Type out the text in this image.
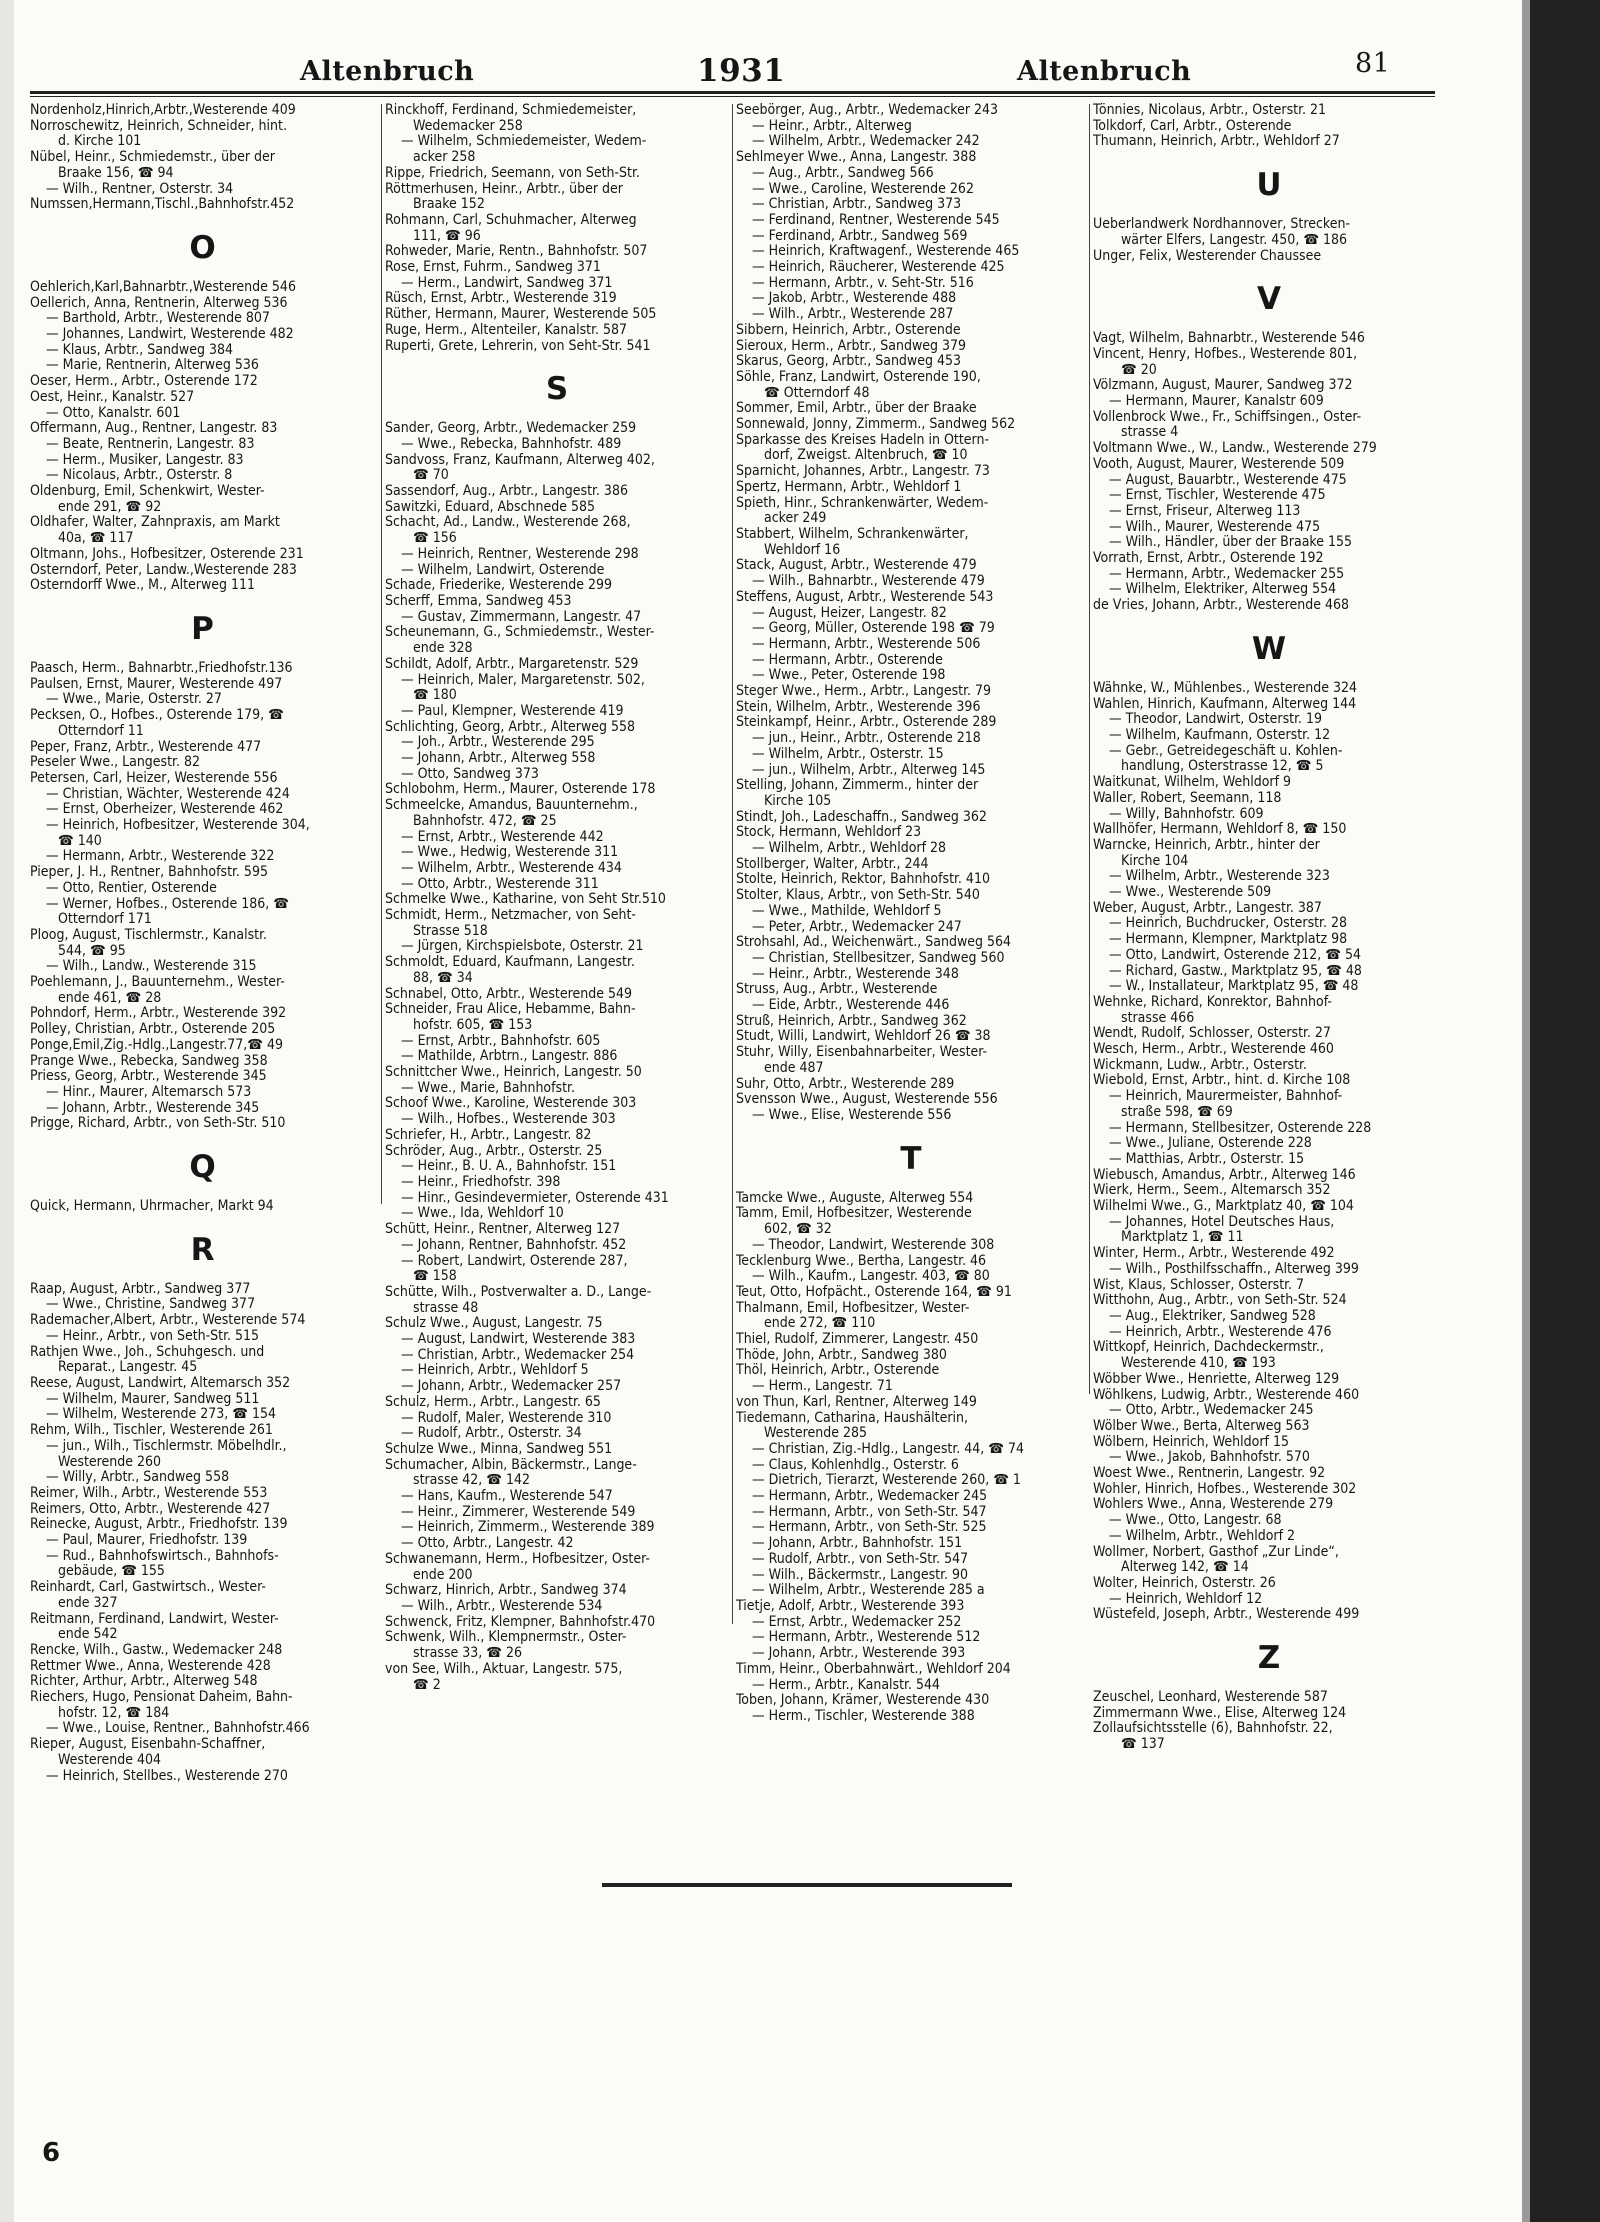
Altenbruch	1931	Altenbruch	81
Nordenholz,Hinrich,Arbtr.,Westerende 409
Norroschewitz, Heinrich, Schneider, hint.
d. Kirche 101
Nübel, Heinr., Schmiedemstr., über der
Braake 156, ☎ 94
— Wilh., Rentner, Osterstr. 34
Numssen,Hermann,Tischl.,Bahnhofstr.452
O
Oehlerich,Karl,Bahnarbtr.,Westerende 546
Oellerich, Anna, Rentnerin, Alterweg 536
— Barthold, Arbtr., Westerende 807
— Johannes, Landwirt, Westerende 482
— Klaus, Arbtr., Sandweg 384
— Marie, Rentnerin, Alterweg 536
Oeser, Herm., Arbtr., Osterende 172
Oest, Heinr., Kanalstr. 527
— Otto, Kanalstr. 601
Offermann, Aug., Rentner, Langestr. 83
— Beate, Rentnerin, Langestr. 83
— Herm., Musiker, Langestr. 83
— Nicolaus, Arbtr., Osterstr. 8
Oldenburg, Emil, Schenkwirt, Wester-
ende 291, ☎ 92
Oldhafer, Walter, Zahnpraxis, am Markt
40a, ☎ 117
Oltmann, Johs., Hofbesitzer, Osterende 231
Osterndorf, Peter, Landw.,Westerende 283
Osterndorff Wwe., M., Alterweg 111
P
Paasch, Herm., Bahnarbtr.,Friedhofstr.136
Paulsen, Ernst, Maurer, Westerende 497
— Wwe., Marie, Osterstr. 27
Pecksen, O., Hofbes., Osterende 179, ☎
Otterndorf 11
Peper, Franz, Arbtr., Westerende 477
Peseler Wwe., Langestr. 82
Petersen, Carl, Heizer, Westerende 556
— Christian, Wächter, Westerende 424
— Ernst, Oberheizer, Westerende 462
— Heinrich, Hofbesitzer, Westerende 304,
☎ 140
— Hermann, Arbtr., Westerende 322
Pieper, J. H., Rentner, Bahnhofstr. 595
— Otto, Rentier, Osterende
— Werner, Hofbes., Osterende 186, ☎
Otterndorf 171
Ploog, August, Tischlermstr., Kanalstr.
544, ☎ 95
— Wilh., Landw., Westerende 315
Poehlemann, J., Bauunternehm., Wester-
ende 461, ☎ 28
Pohndorf, Herm., Arbtr., Westerende 392
Polley, Christian, Arbtr., Osterende 205
Ponge,Emil,Zig.-Hdlg.,Langestr.77,☎ 49
Prange Wwe., Rebecka, Sandweg 358
Priess, Georg, Arbtr., Westerende 345
— Hinr., Maurer, Altemarsch 573
— Johann, Arbtr., Westerende 345
Prigge, Richard, Arbtr., von Seth-Str. 510
Q
Quick, Hermann, Uhrmacher, Markt 94
R
Raap, August, Arbtr., Sandweg 377
— Wwe., Christine, Sandweg 377
Rademacher,Albert, Arbtr., Westerende 574
— Heinr., Arbtr., von Seth-Str. 515
Rathjen Wwe., Joh., Schuhgesch. und
Reparat., Langestr. 45
Reese, August, Landwirt, Altemarsch 352
— Wilhelm, Maurer, Sandweg 511
— Wilhelm, Westerende 273, ☎ 154
Rehm, Wilh., Tischler, Westerende 261
— jun., Wilh., Tischlermstr. Möbelhdlr.,
Westerende 260
— Willy, Arbtr., Sandweg 558
Reimer, Wilh., Arbtr., Westerende 553
Reimers, Otto, Arbtr., Westerende 427
Reinecke, August, Arbtr., Friedhofstr. 139
— Paul, Maurer, Friedhofstr. 139
— Rud., Bahnhofswirtsch., Bahnhofs-
gebäude, ☎ 155
Reinhardt, Carl, Gastwirtsch., Wester-
ende 327
Reitmann, Ferdinand, Landwirt, Wester-
ende 542
Rencke, Wilh., Gastw., Wedemacker 248
Rettmer Wwe., Anna, Westerende 428
Richter, Arthur, Arbtr., Alterweg 548
Riechers, Hugo, Pensionat Daheim, Bahn-
hofstr. 12, ☎ 184
— Wwe., Louise, Rentner., Bahnhofstr.466
Rieper, August, Eisenbahn-Schaffner,
Westerende 404
— Heinrich, Stellbes., Westerende 270
Rinckhoff, Ferdinand, Schmiedemeister,
Wedemacker 258
— Wilhelm, Schmiedemeister, Wedem-
acker 258
Rippe, Friedrich, Seemann, von Seth-Str.
Röttmerhusen, Heinr., Arbtr., über der
Braake 152
Rohmann, Carl, Schuhmacher, Alterweg
111, ☎ 96
Rohweder, Marie, Rentn., Bahnhofstr. 507
Rose, Ernst, Fuhrm., Sandweg 371
— Herm., Landwirt, Sandweg 371
Rüsch, Ernst, Arbtr., Westerende 319
Rüther, Hermann, Maurer, Westerende 505
Ruge, Herm., Altenteiler, Kanalstr. 587
Ruperti, Grete, Lehrerin, von Seht-Str. 541
S
Sander, Georg, Arbtr., Wedemacker 259
— Wwe., Rebecka, Bahnhofstr. 489
Sandvoss, Franz, Kaufmann, Alterweg 402,
☎ 70
Sassendorf, Aug., Arbtr., Langestr. 386
Sawitzki, Eduard, Abschnede 585
Schacht, Ad., Landw., Westerende 268,
☎ 156
— Heinrich, Rentner, Westerende 298
— Wilhelm, Landwirt, Osterende
Schade, Friederike, Westerende 299
Scherff, Emma, Sandweg 453
— Gustav, Zimmermann, Langestr. 47
Scheunemann, G., Schmiedemstr., Wester-
ende 328
Schildt, Adolf, Arbtr., Margaretenstr. 529
— Heinrich, Maler, Margaretenstr. 502,
☎ 180
— Paul, Klempner, Westerende 419
Schlichting, Georg, Arbtr., Alterweg 558
— Joh., Arbtr., Westerende 295
— Johann, Arbtr., Alterweg 558
— Otto, Sandweg 373
Schlobohm, Herm., Maurer, Osterende 178
Schmeelcke, Amandus, Bauunternehm.,
Bahnhofstr. 472, ☎ 25
— Ernst, Arbtr., Westerende 442
— Wwe., Hedwig, Westerende 311
— Wilhelm, Arbtr., Westerende 434
— Otto, Arbtr., Westerende 311
Schmelke Wwe., Katharine, von Seht Str.510
Schmidt, Herm., Netzmacher, von Seht-
Strasse 518
— Jürgen, Kirchspielsbote, Osterstr. 21
Schmoldt, Eduard, Kaufmann, Langestr.
88, ☎ 34
Schnabel, Otto, Arbtr., Westerende 549
Schneider, Frau Alice, Hebamme, Bahn-
hofstr. 605, ☎ 153
— Ernst, Arbtr., Bahnhofstr. 605
— Mathilde, Arbtrn., Langestr. 886
Schnittcher Wwe., Heinrich, Langestr. 50
— Wwe., Marie, Bahnhofstr.
Schoof Wwe., Karoline, Westerende 303
— Wilh., Hofbes., Westerende 303
Schriefer, H., Arbtr., Langestr. 82
Schröder, Aug., Arbtr., Osterstr. 25
— Heinr., B. U. A., Bahnhofstr. 151
— Heinr., Friedhofstr. 398
— Hinr., Gesindevermieter, Osterende 431
— Wwe., Ida, Wehldorf 10
Schütt, Heinr., Rentner, Alterweg 127
— Johann, Rentner, Bahnhofstr. 452
— Robert, Landwirt, Osterende 287,
☎ 158
Schütte, Wilh., Postverwalter a. D., Lange-
strasse 48
Schulz Wwe., August, Langestr. 75
— August, Landwirt, Westerende 383
— Christian, Arbtr., Wedemacker 254
— Heinrich, Arbtr., Wehldorf 5
— Johann, Arbtr., Wedemacker 257
Schulz, Herm., Arbtr., Langestr. 65
— Rudolf, Maler, Westerende 310
— Rudolf, Arbtr., Osterstr. 34
Schulze Wwe., Minna, Sandweg 551
Schumacher, Albin, Bäckermstr., Lange-
strasse 42, ☎ 142
— Hans, Kaufm., Westerende 547
— Heinr., Zimmerer, Westerende 549
— Heinrich, Zimmerm., Westerende 389
— Otto, Arbtr., Langestr. 42
Schwanemann, Herm., Hofbesitzer, Oster-
ende 200
Schwarz, Hinrich, Arbtr., Sandweg 374
— Wilh., Arbtr., Westerende 534
Schwenck, Fritz, Klempner, Bahnhofstr.470
Schwenk, Wilh., Klempnermstr., Oster-
strasse 33, ☎ 26
von See, Wilh., Aktuar, Langestr. 575,
☎ 2
Seebörger, Aug., Arbtr., Wedemacker 243
— Heinr., Arbtr., Alterweg
— Wilhelm, Arbtr., Wedemacker 242
Sehlmeyer Wwe., Anna, Langestr. 388
— Aug., Arbtr., Sandweg 566
— Wwe., Caroline, Westerende 262
— Christian, Arbtr., Sandweg 373
— Ferdinand, Rentner, Westerende 545
— Ferdinand, Arbtr., Sandweg 569
— Heinrich, Kraftwagenf., Westerende 465
— Heinrich, Räucherer, Westerende 425
— Hermann, Arbtr., v. Seht-Str. 516
— Jakob, Arbtr., Westerende 488
— Wilh., Arbtr., Westerende 287
Sibbern, Heinrich, Arbtr., Osterende
Sieroux, Herm., Arbtr., Sandweg 379
Skarus, Georg, Arbtr., Sandweg 453
Söhle, Franz, Landwirt, Osterende 190,
☎ Otterndorf 48
Sommer, Emil, Arbtr., über der Braake
Sonnewald, Jonny, Zimmerm., Sandweg 562
Sparkasse des Kreises Hadeln in Ottern-
dorf, Zweigst. Altenbruch, ☎ 10
Sparnicht, Johannes, Arbtr., Langestr. 73
Spertz, Hermann, Arbtr., Wehldorf 1
Spieth, Hinr., Schrankenwärter, Wedem-
acker 249
Stabbert, Wilhelm, Schrankenwärter,
Wehldorf 16
Stack, August, Arbtr., Westerende 479
— Wilh., Bahnarbtr., Westerende 479
Steffens, August, Arbtr., Westerende 543
— August, Heizer, Langestr. 82
— Georg, Müller, Osterende 198 ☎ 79
— Hermann, Arbtr., Westerende 506
— Hermann, Arbtr., Osterende
— Wwe., Peter, Osterende 198
Steger Wwe., Herm., Arbtr., Langestr. 79
Stein, Wilhelm, Arbtr., Westerende 396
Steinkampf, Heinr., Arbtr., Osterende 289
— jun., Heinr., Arbtr., Osterende 218
— Wilhelm, Arbtr., Osterstr. 15
— jun., Wilhelm, Arbtr., Alterweg 145
Stelling, Johann, Zimmerm., hinter der
Kirche 105
Stindt, Joh., Ladeschaffn., Sandweg 362
Stock, Hermann, Wehldorf 23
— Wilhelm, Arbtr., Wehldorf 28
Stollberger, Walter, Arbtr., 244
Stolte, Heinrich, Rektor, Bahnhofstr. 410
Stolter, Klaus, Arbtr., von Seth-Str. 540
— Wwe., Mathilde, Wehldorf 5
— Peter, Arbtr., Wedemacker 247
Strohsahl, Ad., Weichenwärt., Sandweg 564
— Christian, Stellbesitzer, Sandweg 560
— Heinr., Arbtr., Westerende 348
Struss, Aug., Arbtr., Westerende
— Eide, Arbtr., Westerende 446
Struß, Heinrich, Arbtr., Sandweg 362
Studt, Willi, Landwirt, Wehldorf 26 ☎ 38
Stuhr, Willy, Eisenbahnarbeiter, Wester-
ende 487
Suhr, Otto, Arbtr., Westerende 289
Svensson Wwe., August, Westerende 556
— Wwe., Elise, Westerende 556
T
Tamcke Wwe., Auguste, Alterweg 554
Tamm, Emil, Hofbesitzer, Westerende
602, ☎ 32
— Theodor, Landwirt, Westerende 308
Tecklenburg Wwe., Bertha, Langestr. 46
— Wilh., Kaufm., Langestr. 403, ☎ 80
Teut, Otto, Hofpächt., Osterende 164, ☎ 91
Thalmann, Emil, Hofbesitzer, Wester-
ende 272, ☎ 110
Thiel, Rudolf, Zimmerer, Langestr. 450
Thöde, John, Arbtr., Sandweg 380
Thöl, Heinrich, Arbtr., Osterende
— Herm., Langestr. 71
von Thun, Karl, Rentner, Alterweg 149
Tiedemann, Catharina, Haushälterin,
Westerende 285
— Christian, Zig.-Hdlg., Langestr. 44, ☎ 74
— Claus, Kohlenhdlg., Osterstr. 6
— Dietrich, Tierarzt, Westerende 260, ☎ 1
— Hermann, Arbtr., Wedemacker 245
— Hermann, Arbtr., von Seth-Str. 547
— Hermann, Arbtr., von Seth-Str. 525
— Johann, Arbtr., Bahnhofstr. 151
— Rudolf, Arbtr., von Seth-Str. 547
— Wilh., Bäckermstr., Langestr. 90
— Wilhelm, Arbtr., Westerende 285 a
Tietje, Adolf, Arbtr., Westerende 393
— Ernst, Arbtr., Wedemacker 252
— Hermann, Arbtr., Westerende 512
— Johann, Arbtr., Westerende 393
Timm, Heinr., Oberbahnwärt., Wehldorf 204
— Herm., Arbtr., Kanalstr. 544
Toben, Johann, Krämer, Westerende 430
— Herm., Tischler, Westerende 388
Tönnies, Nicolaus, Arbtr., Osterstr. 21
Tolkdorf, Carl, Arbtr., Osterende
Thumann, Heinrich, Arbtr., Wehldorf 27
U
Ueberlandwerk Nordhannover, Strecken-
wärter Elfers, Langestr. 450, ☎ 186
Unger, Felix, Westerender Chaussee
V
Vagt, Wilhelm, Bahnarbtr., Westerende 546
Vincent, Henry, Hofbes., Westerende 801,
☎ 20
Völzmann, August, Maurer, Sandweg 372
— Hermann, Maurer, Kanalstr 609
Vollenbrock Wwe., Fr., Schiffsingen., Oster-
strasse 4
Voltmann Wwe., W., Landw., Westerende 279
Vooth, August, Maurer, Westerende 509
— August, Bauarbtr., Westerende 475
— Ernst, Tischler, Westerende 475
— Ernst, Friseur, Alterweg 113
— Wilh., Maurer, Westerende 475
— Wilh., Händler, über der Braake 155
Vorrath, Ernst, Arbtr., Osterende 192
— Hermann, Arbtr., Wedemacker 255
— Wilhelm, Elektriker, Alterweg 554
de Vries, Johann, Arbtr., Westerende 468
W
Wähnke, W., Mühlenbes., Westerende 324
Wahlen, Hinrich, Kaufmann, Alterweg 144
— Theodor, Landwirt, Osterstr. 19
— Wilhelm, Kaufmann, Osterstr. 12
— Gebr., Getreidegeschäft u. Kohlen-
handlung, Osterstrasse 12, ☎ 5
Waitkunat, Wilhelm, Wehldorf 9
Waller, Robert, Seemann, 118
— Willy, Bahnhofstr. 609
Wallhöfer, Hermann, Wehldorf 8, ☎ 150
Warncke, Heinrich, Arbtr., hinter der
Kirche 104
— Wilhelm, Arbtr., Westerende 323
— Wwe., Westerende 509
Weber, August, Arbtr., Langestr. 387
— Heinrich, Buchdrucker, Osterstr. 28
— Hermann, Klempner, Marktplatz 98
— Otto, Landwirt, Osterende 212, ☎ 54
— Richard, Gastw., Marktplatz 95, ☎ 48
— W., Installateur, Marktplatz 95, ☎ 48
Wehnke, Richard, Konrektor, Bahnhof-
strasse 466
Wendt, Rudolf, Schlosser, Osterstr. 27
Wesch, Herm., Arbtr., Westerende 460
Wickmann, Ludw., Arbtr., Osterstr.
Wiebold, Ernst, Arbtr., hint. d. Kirche 108
— Heinrich, Maurermeister, Bahnhof-
straße 598, ☎ 69
— Hermann, Stellbesitzer, Osterende 228
— Wwe., Juliane, Osterende 228
— Matthias, Arbtr., Osterstr. 15
Wiebusch, Amandus, Arbtr., Alterweg 146
Wierk, Herm., Seem., Altemarsch 352
Wilhelmi Wwe., G., Marktplatz 40, ☎ 104
— Johannes, Hotel Deutsches Haus,
Marktplatz 1, ☎ 11
Winter, Herm., Arbtr., Westerende 492
— Wilh., Posthilfsschaffn., Alterweg 399
Wist, Klaus, Schlosser, Osterstr. 7
Witthohn, Aug., Arbtr., von Seth-Str. 524
— Aug., Elektriker, Sandweg 528
— Heinrich, Arbtr., Westerende 476
Wittkopf, Heinrich, Dachdeckermstr.,
Westerende 410, ☎ 193
Wöbber Wwe., Henriette, Alterweg 129
Wöhlkens, Ludwig, Arbtr., Westerende 460
— Otto, Arbtr., Wedemacker 245
Wölber Wwe., Berta, Alterweg 563
Wölbern, Heinrich, Wehldorf 15
— Wwe., Jakob, Bahnhofstr. 570
Woest Wwe., Rentnerin, Langestr. 92
Wohler, Hinrich, Hofbes., Westerende 302
Wohlers Wwe., Anna, Westerende 279
— Wwe., Otto, Langestr. 68
— Wilhelm, Arbtr., Wehldorf 2
Wollmer, Norbert, Gasthof „Zur Linde“,
Alterweg 142, ☎ 14
Wolter, Heinrich, Osterstr. 26
— Heinrich, Wehldorf 12
Wüstefeld, Joseph, Arbtr., Westerende 499
Z
Zeuschel, Leonhard, Westerende 587
Zimmermann Wwe., Elise, Alterweg 124
Zollaufsichtsstelle (6), Bahnhofstr. 22,
☎ 137
6
